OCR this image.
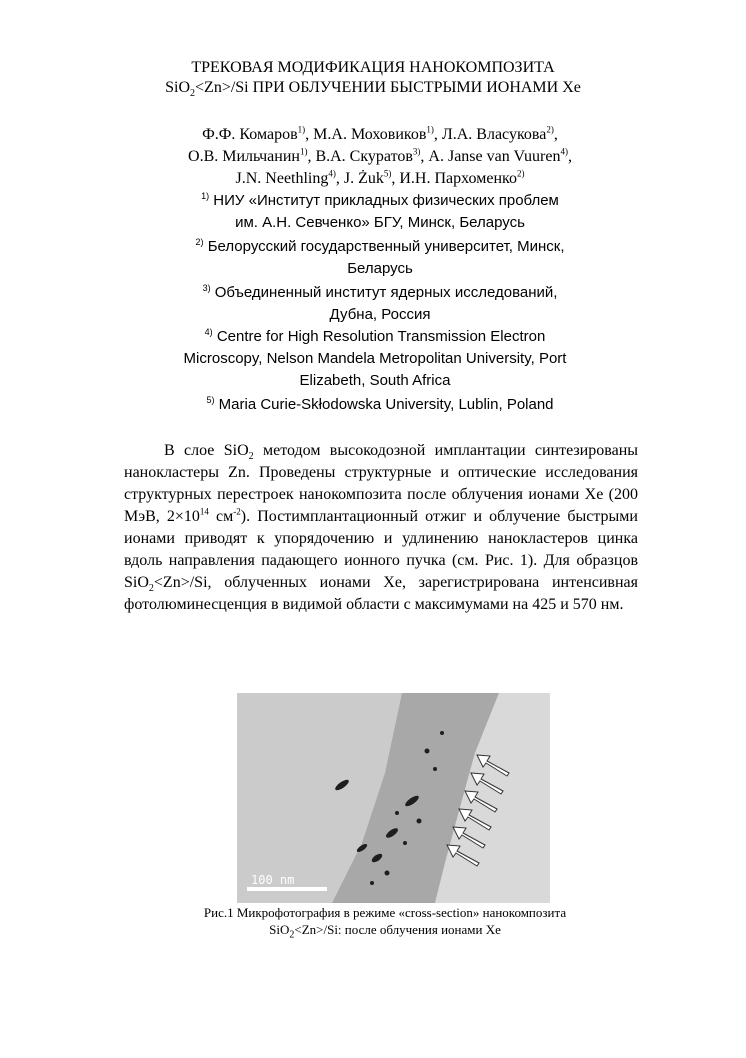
ТРЕКОВАЯ МОДИФИКАЦИЯ НАНОКОМПОЗИТА
SiO$_2$<Zn>/Si ПРИ ОБЛУЧЕНИИ БЫСТРЫМИ ИОНАМИ Xe
Ф.Ф. Комаров$^{1)}$, М.А. Моховиков$^{1)}$, Л.А. Власукова$^{2)}$,
О.В. Мильчанин$^{1)}$, В.А. Скуратов$^{3)}$, A. Janse van Vuuren$^{4)}$,
J.N. Neethling$^{4)}$, J. Żuk$^{5)}$, И.Н. Пархоменко$^{2)}$
$^{1)}$ НИУ «Институт прикладных физических проблем
им. А.Н. Севченко» БГУ, Минск, Беларусь
$^{2)}$ Белорусский государственный университет, Минск,
Беларусь
$^{3)}$ Объединенный институт ядерных исследований,
Дубна, Россия
$^{4)}$ Centre for High Resolution Transmission Electron
Microscopy, Nelson Mandela Metropolitan University, Port
Elizabeth, South Africa
$^{5)}$ Maria Curie-Skłodowska University, Lublin, Poland

В слое SiO$_2$ методом высокодозной имплантации синтезированы нанокластеры Zn. Проведены структурные и оптические исследования структурных перестроек нанокомпозита после облучения ионами Xe (200 МэВ, $2\times 10^{14}$ $см^{-2}$). Постимплантационный отжиг и облучение быстрыми ионами приводят к упорядочению и удлинению нанокластеров цинка вдоль направления падающего ионного пучка (см. Рис. 1). Для образцов SiO$_2$<Zn>/Si, облученных ионами Xe, зарегистрирована интенсивная фотолюминесценция в видимой области с максимумами на 425 и 570 нм.

100 nm
Рис.1 Микрофотография в режиме «cross-section» нанокомпозита
SiO$_2$<Zn>/Si: после облучения ионами Xe
